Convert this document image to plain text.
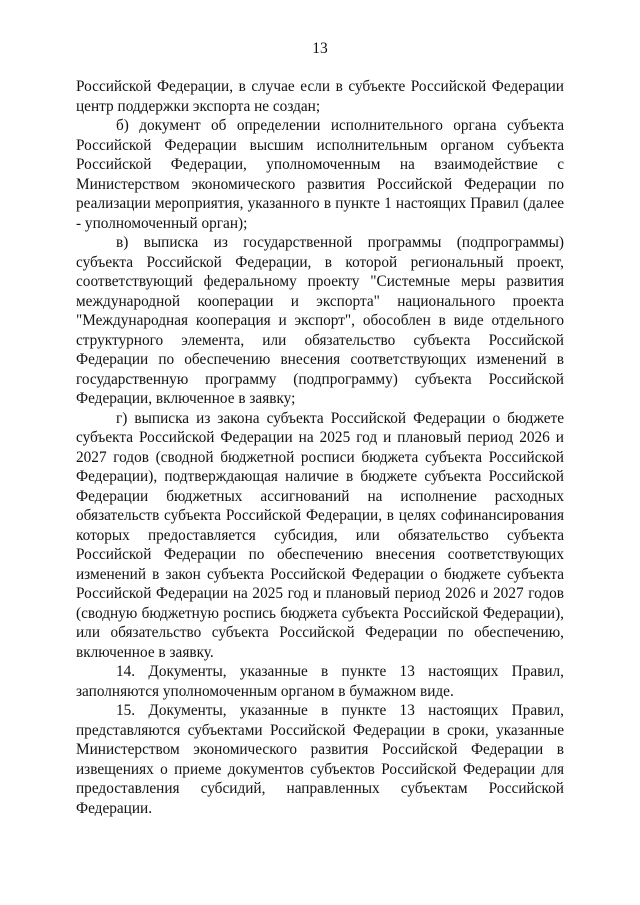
13

Российской Федерации, в случае если в субъекте Российской Федерации центр поддержки экспорта не создан;

б) документ об определении исполнительного органа субъекта Российской Федерации высшим исполнительным органом субъекта Российской Федерации, уполномоченным на взаимодействие с Министерством экономического развития Российской Федерации по реализации мероприятия, указанного в пункте 1 настоящих Правил (далее - уполномоченный орган);

в) выписка из государственной программы (подпрограммы) субъекта Российской Федерации, в которой региональный проект, соответствующий федеральному проекту "Системные меры развития международной кооперации и экспорта" национального проекта "Международная кооперация и экспорт", обособлен в виде отдельного структурного элемента, или обязательство субъекта Российской Федерации по обеспечению внесения соответствующих изменений в государственную программу (подпрограмму) субъекта Российской Федерации, включенное в заявку;

г) выписка из закона субъекта Российской Федерации о бюджете субъекта Российской Федерации на 2025 год и плановый период 2026 и 2027 годов (сводной бюджетной росписи бюджета субъекта Российской Федерации), подтверждающая наличие в бюджете субъекта Российской Федерации бюджетных ассигнований на исполнение расходных обязательств субъекта Российской Федерации, в целях софинансирования которых предоставляется субсидия, или обязательство субъекта Российской Федерации по обеспечению внесения соответствующих изменений в закон субъекта Российской Федерации о бюджете субъекта Российской Федерации на 2025 год и плановый период 2026 и 2027 годов (сводную бюджетную роспись бюджета субъекта Российской Федерации), или обязательство субъекта Российской Федерации по обеспечению, включенное в заявку.

14. Документы, указанные в пункте 13 настоящих Правил, заполняются уполномоченным органом в бумажном виде.

15. Документы, указанные в пункте 13 настоящих Правил, представляются субъектами Российской Федерации в сроки, указанные Министерством экономического развития Российской Федерации в извещениях о приеме документов субъектов Российской Федерации для предоставления субсидий, направленных субъектам Российской Федерации.
